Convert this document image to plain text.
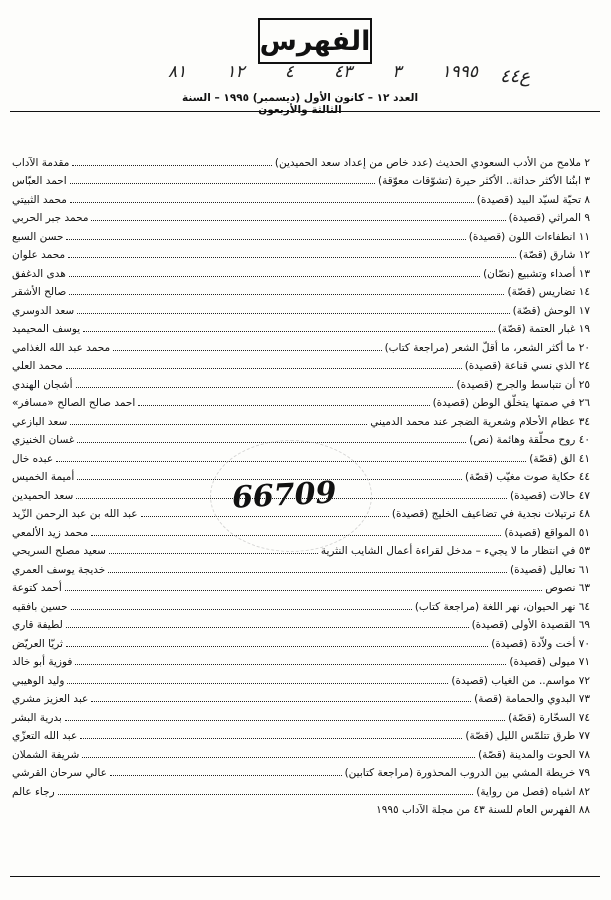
الفهرس
٨١ ١٢ ٤ ٤٣ ٣ ١٩٩٥ ع٤٤
العدد ١٢ – كانون الأول (ديسمبر) ١٩٩٥ – السنة الثالثة والأربعون
٢ ملامح من الأدب السعودي الحديث (عدد خاص من إعداد سعد الحميدين)
مقدمة الآداب
٣ ابنُنا الأكثر حداثة.. الأكثر حيرة (تشوّقات معوّقة)
احمد العبّاس
٨ تحيّة لسيّد البيد (قصيدة)
محمد الثبيتي
٩ المراثي (قصيدة)
محمد جبر الحربي
١١ انطفاءات اللون (قصيدة)
حسن السبع
١٢ شارق (قصّة)
محمد علوان
١٣ أصداء وتشبيع (نصّان)
هدى الدغفق
١٤ تضاريس (قصّة)
صالح الأشقر
١٧ الوحش (قصّة)
سعد الدوسري
١٩ غبار العتمة (قصّة)
يوسف المحيميد
٢٠ ما أكثر الشعر، ما أقلّ الشعر (مراجعة كتاب)
محمد عبد الله الغذامي
٢٤ الذي نسي قناعة (قصيدة)
محمد العلي
٢٥ أن تتباسط والجرح (قصيدة)
أشجان الهندي
٢٦ في صمتها يتخلّق الوطن (قصيدة)
احمد صالح الصالح «مسافر»
٣٤ عظام الأحلام وشعرية الضجر عند محمد الدميني
سعد البازعي
٤٠ روح محلّقة وهائمة (نص)
غسان الخنيزي
٤١ الق (قصّة)
عبده خال
٤٤ حكاية صوت مغيّب (قصّة)
أميمة الخميس
٤٧ حالات (قصيدة)
سعد الحميدين
٤٨ ترتيلات نجدية في تضاعيف الخليج (قصيدة)
عبد الله بن عبد الرحمن الزّيد
٥١ المواقع (قصيدة)
محمد زيد الألمعي
٥٣ في انتظار ما لا يجيء – مدخل لقراءة أعمال الشايب النثرية
سعيد مصلح السريحي
٦١ تعاليل (قصيدة)
خديجة يوسف العمري
٦٣ نصوص
أحمد كتوعة
٦٤ نهر الحيوان، نهر اللغة (مراجعة كتاب)
حسين بافقيه
٦٩ القصيدة الأولى (قصيدة)
لطيفة قاري
٧٠ أخت ولاّدة (قصيدة)
ثريّا العريّض
٧١ ميولى (قصيدة)
فوزية أبو خالد
٧٢ مواسم.. من الغياب (قصيدة)
وليد الوهيبي
٧٣ البدوي والحمامة (قصة)
عبد العزيز مشري
٧٤ السحّارة (قصّة)
بدرية البشر
٧٧ طرق تتلمّس الليل (قصّة)
عبد الله التعزّي
٧٨ الحوت والمدينة (قصّة)
شريفة الشملان
٧٩ خريطة المشي بين الدروب المحذورة (مراجعة كتابين)
عالي سرحان القرشي
٨٢ اشباه (فصل من رواية)
رجاء عالم
٨٨ الفهرس العام للسنة ٤٣ من مجلة الآداب ١٩٩٥
66709
